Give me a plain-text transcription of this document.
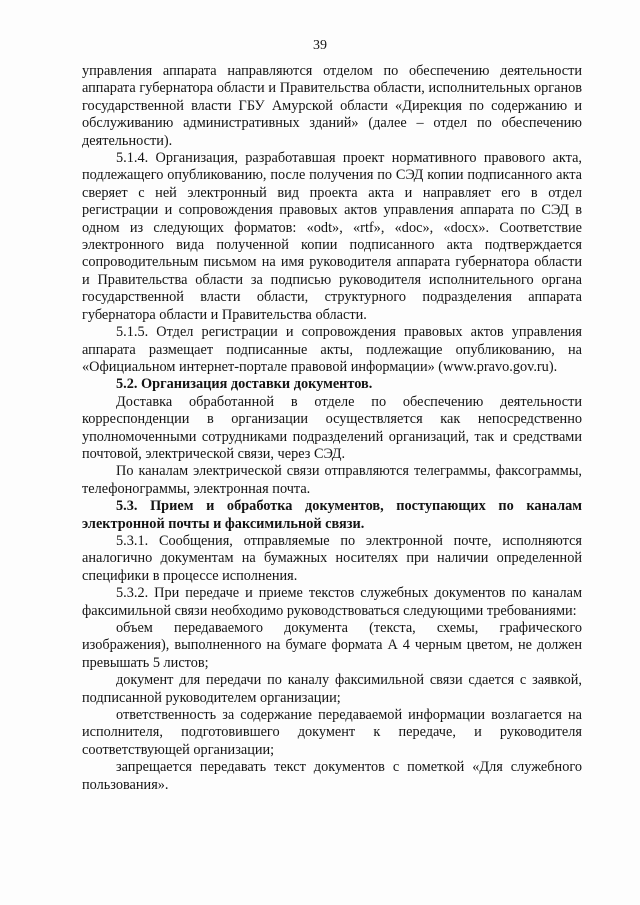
39

управления аппарата направляются отделом по обеспечению деятельности аппарата губернатора области и Правительства области, исполнительных органов государственной власти ГБУ Амурской области «Дирекция по содержанию и обслуживанию административных зданий» (далее – отдел по обеспечению деятельности).

5.1.4. Организация, разработавшая проект нормативного правового акта, подлежащего опубликованию, после получения по СЭД копии подписанного акта сверяет с ней электронный вид проекта акта и направляет его в отдел регистрации и сопровождения правовых актов управления аппарата по СЭД в одном из следующих форматов: «odt», «rtf», «doc», «docx». Соответствие электронного вида полученной копии подписанного акта подтверждается сопроводительным письмом на имя руководителя аппарата губернатора области и Правительства области за подписью руководителя исполнительного органа государственной власти области, структурного подразделения аппарата губернатора области и Правительства области.

5.1.5. Отдел регистрации и сопровождения правовых актов управления аппарата размещает подписанные акты, подлежащие опубликованию, на «Официальном интернет-портале правовой информации» (www.pravo.gov.ru).

5.2. Организация доставки документов.

Доставка обработанной в отделе по обеспечению деятельности корреспонденции в организации осуществляется как непосредственно уполномоченными сотрудниками подразделений организаций, так и средствами почтовой, электрической связи, через СЭД.

По каналам электрической связи отправляются телеграммы, факсограммы, телефонограммы, электронная почта.

5.3. Прием и обработка документов, поступающих по каналам электронной почты и факсимильной связи.

5.3.1. Сообщения, отправляемые по электронной почте, исполняются аналогично документам на бумажных носителях при наличии определенной специфики в процессе исполнения.

5.3.2. При передаче и приеме текстов служебных документов по каналам факсимильной связи необходимо руководствоваться следующими требованиями:

объем передаваемого документа (текста, схемы, графического изображения), выполненного на бумаге формата А 4 черным цветом, не должен превышать 5 листов;

документ для передачи по каналу факсимильной связи сдается с заявкой, подписанной руководителем организации;

ответственность за содержание передаваемой информации возлагается на исполнителя, подготовившего документ к передаче, и руководителя соответствующей организации;

запрещается передавать текст документов с пометкой «Для служебного пользования».
